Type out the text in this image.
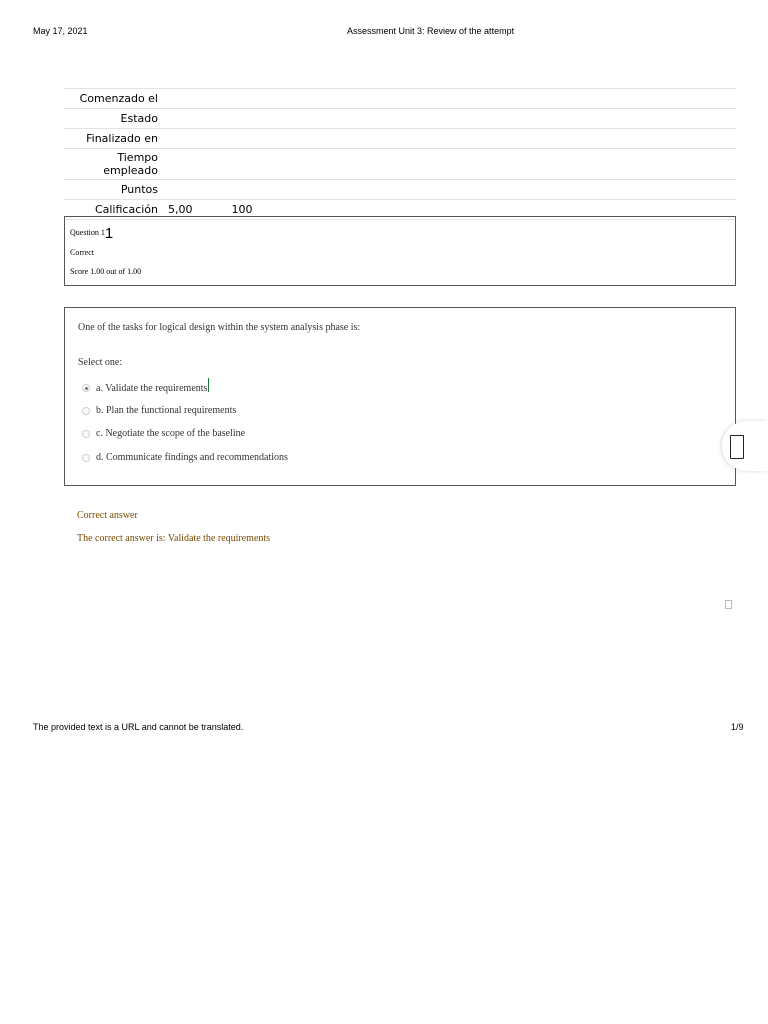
May 17, 2021	Assessment Unit 3: Review of the attempt
Comenzado el	
Estado	
Finalizado en	
Tiempo empleado	
Puntos	
Calificación	5,00 100
Question 11
Correct
Score 1.00 out of 1.00
One of the tasks for logical design within the system analysis phase is:
Select one:
a. Validate the requirements
b. Plan the functional requirements
c. Negotiate the scope of the baseline
d. Communicate findings and recommendations
Correct answer
The correct answer is: Validate the requirements
The provided text is a URL and cannot be translated.	1/9
